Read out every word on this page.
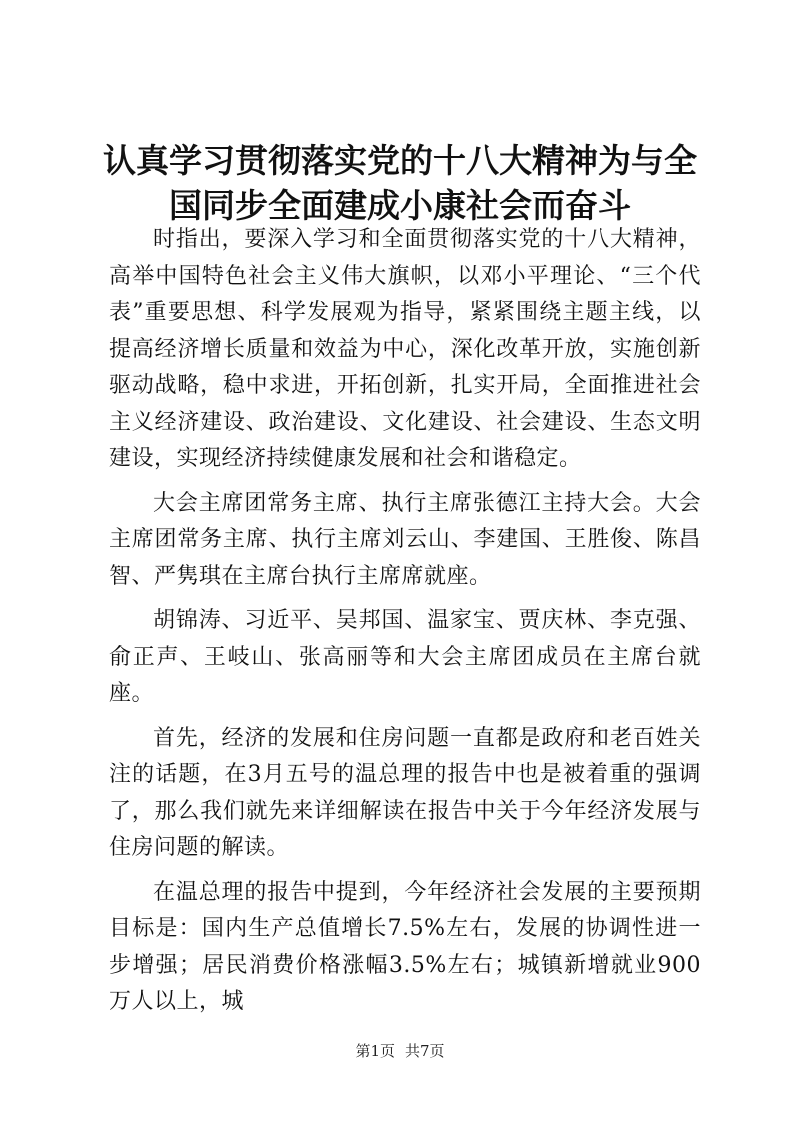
认真学习贯彻落实党的十八大精神为与全国同步全面建成小康社会而奋斗

时指出，要深入学习和全面贯彻落实党的十八大精神，高举中国特色社会主义伟大旗帜，以邓小平理论、“三个代表”重要思想、科学发展观为指导，紧紧围绕主题主线，以提高经济增长质量和效益为中心，深化改革开放，实施创新驱动战略，稳中求进，开拓创新，扎实开局，全面推进社会主义经济建设、政治建设、文化建设、社会建设、生态文明建设，实现经济持续健康发展和社会和谐稳定。

大会主席团常务主席、执行主席张德江主持大会。大会主席团常务主席、执行主席刘云山、李建国、王胜俊、陈昌智、严隽琪在主席台执行主席席就座。

胡锦涛、习近平、吴邦国、温家宝、贾庆林、李克强、俞正声、王岐山、张高丽等和大会主席团成员在主席台就座。

首先，经济的发展和住房问题一直都是政府和老百姓关注的话题，在3月五号的温总理的报告中也是被着重的强调了，那么我们就先来详细解读在报告中关于今年经济发展与住房问题的解读。

在温总理的报告中提到，今年经济社会发展的主要预期目标是：国内生产总值增长7.5%左右，发展的协调性进一步增强；居民消费价格涨幅3.5%左右；城镇新增就业900万人以上，城

第1页 共7页
